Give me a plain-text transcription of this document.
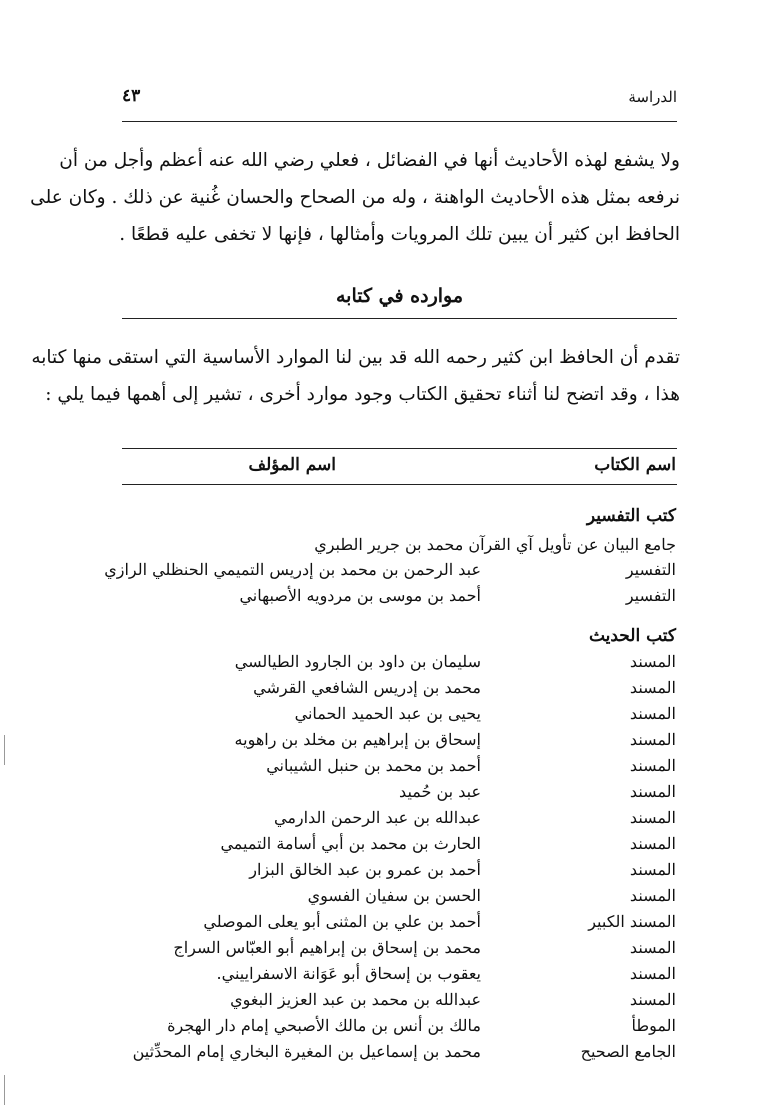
الدراسة
٤٣
ولا يشفع لهذه الأحاديث أنها في الفضائل ، فعلي رضي الله عنه أعظم وأجل من أن
نرفعه بمثل هذه الأحاديث الواهنة ، وله من الصحاح والحسان غُنية عن ذلك . وكان على
الحافظ ابن كثير أن يبين تلك المرويات وأمثالها ، فإنها لا تخفى عليه قطعًا .
موارده في كتابه
تقدم أن الحافظ ابن كثير رحمه الله قد بين لنا الموارد الأساسية التي استقى منها كتابه
هذا ، وقد اتضح لنا أثناء تحقيق الكتاب وجود موارد أخرى ، تشير إلى أهمها فيما يلي :
اسم الكتاب
اسم المؤلف
كتب التفسير
جامع البيان عن تأويل آي القرآن محمد بن جرير الطبري
التفسير
عبد الرحمن بن محمد بن إدريس التميمي الحنظلي الرازي
التفسير
أحمد بن موسى بن مردويه الأصبهاني
كتب الحديث
المسند
سليمان بن داود بن الجارود الطيالسي
المسند
محمد بن إدريس الشافعي القرشي
المسند
يحيى بن عبد الحميد الحماني
المسند
إسحاق بن إبراهيم بن مخلد بن راهويه
المسند
أحمد بن محمد بن حنبل الشيباني
المسند
عبد بن حُميد
المسند
عبدالله بن عبد الرحمن الدارمي
المسند
الحارث بن محمد بن أبي أسامة التميمي
المسند
أحمد بن عمرو بن عبد الخالق البزار
المسند
الحسن بن سفيان الفسوي
المسند الكبير
أحمد بن علي بن المثنى أبو يعلى الموصلي
المسند
محمد بن إسحاق بن إبراهيم أبو العبّاس السراج
المسند
يعقوب بن إسحاق أبو عَوَانة الاسفراييني.
المسند
عبدالله بن محمد بن عبد العزيز البغوي
الموطأ
مالك بن أنس بن مالك الأصبحي إمام دار الهجرة
الجامع الصحيح
محمد بن إسماعيل بن المغيرة البخاري إمام المحدِّثين
